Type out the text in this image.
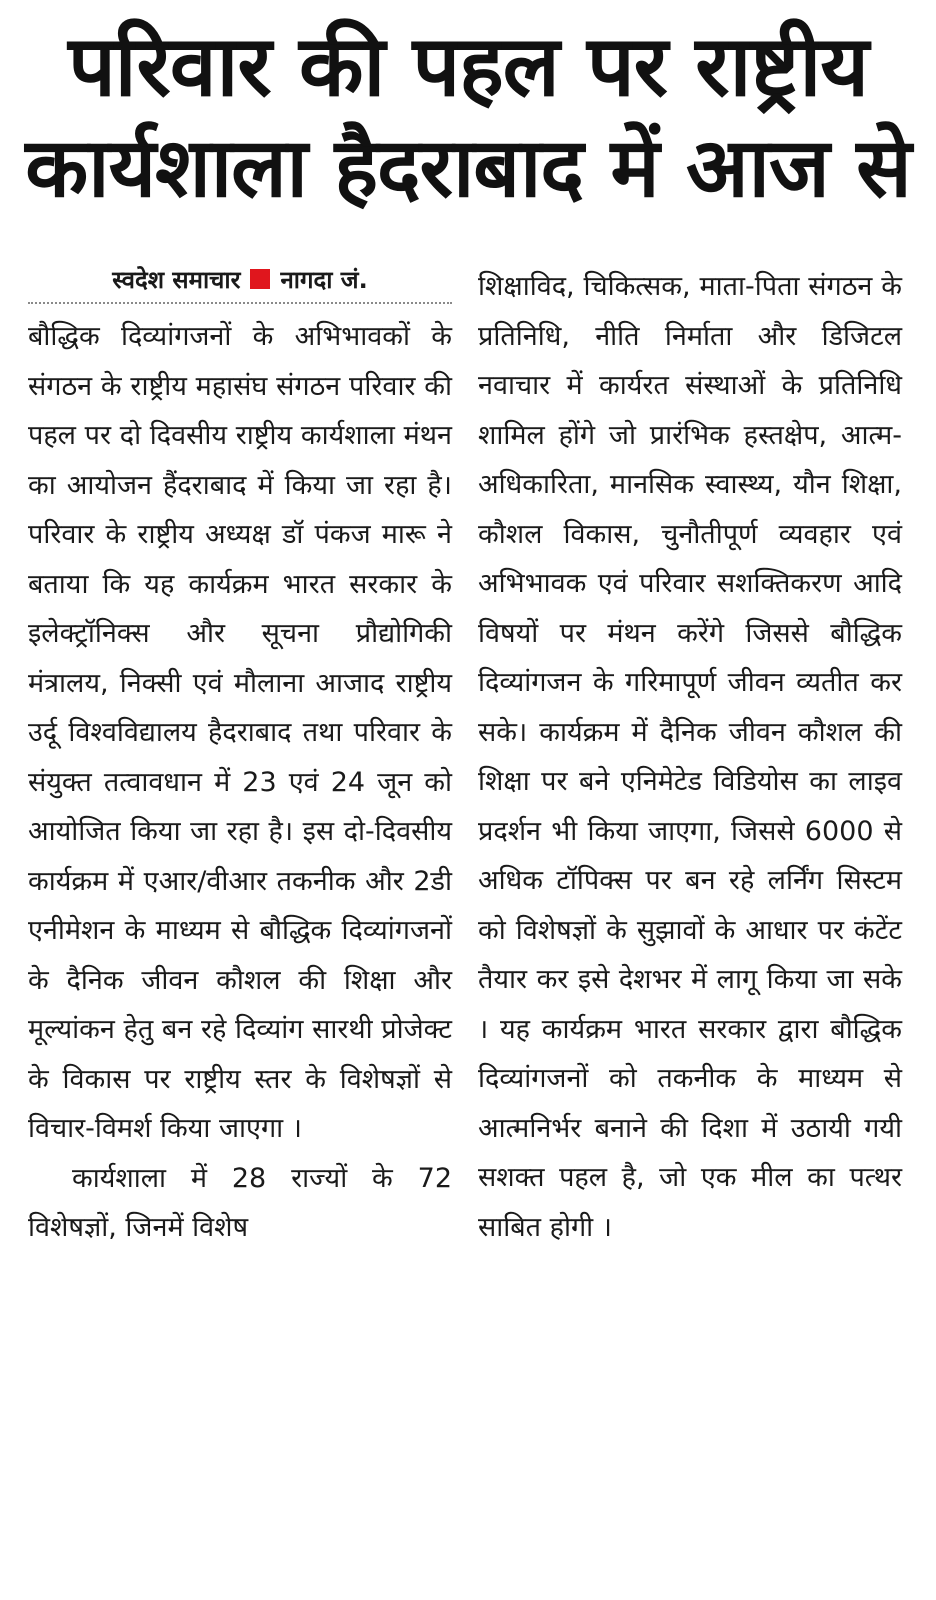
परिवार की पहल पर राष्ट्रीय
कार्यशाला हैदराबाद में आज से
स्वदेश समाचार नागदा जं.

बौद्धिक दिव्यांगजनों के अभिभावकों के संगठन के राष्ट्रीय महासंघ संगठन परिवार की पहल पर दो दिवसीय राष्ट्रीय कार्यशाला मंथन का आयोजन हैंदराबाद में किया जा रहा है। परिवार के राष्ट्रीय अध्यक्ष डॉ पंकज मारू ने बताया कि यह कार्यक्रम भारत सरकार के इलेक्ट्रॉनिक्स और सूचना प्रौद्योगिकी मंत्रालय, निक्सी एवं मौलाना आजाद राष्ट्रीय उर्दू विश्वविद्यालय हैदराबाद तथा परिवार के संयुक्त तत्वावधान में 23 एवं 24 जून को आयोजित किया जा रहा है। इस दो-दिवसीय कार्यक्रम में एआर/वीआर तकनीक और 2डी एनीमेशन के माध्यम से बौद्धिक दिव्यांगजनों के दैनिक जीवन कौशल की शिक्षा और मूल्यांकन हेतु बन रहे दिव्यांग सारथी प्रोजेक्ट के विकास पर राष्ट्रीय स्तर के विशेषज्ञों से विचार-विमर्श किया जाएगा ।

कार्यशाला में 28 राज्यों के 72 विशेषज्ञों, जिनमें विशेष

शिक्षाविद, चिकित्सक, माता-पिता संगठन के प्रतिनिधि, नीति निर्माता और डिजिटल नवाचार में कार्यरत संस्थाओं के प्रतिनिधि शामिल होंगे जो प्रारंभिक हस्तक्षेप, आत्म-अधिकारिता, मानसिक स्वास्थ्य, यौन शिक्षा, कौशल विकास, चुनौतीपूर्ण व्यवहार एवं अभिभावक एवं परिवार सशक्तिकरण आदि विषयों पर मंथन करेंगे जिससे बौद्धिक दिव्यांगजन के गरिमापूर्ण जीवन व्यतीत कर सके। कार्यक्रम में दैनिक जीवन कौशल की शिक्षा पर बने एनिमेटेड विडियोस का लाइव प्रदर्शन भी किया जाएगा, जिससे 6000 से अधिक टॉपिक्स पर बन रहे लर्निंग सिस्टम को विशेषज्ञों के सुझावों के आधार पर कंटेंट तैयार कर इसे देशभर में लागू किया जा सके । यह कार्यक्रम भारत सरकार द्वारा बौद्धिक दिव्यांगजनों को तकनीक के माध्यम से आत्मनिर्भर बनाने की दिशा में उठायी गयी सशक्त पहल है, जो एक मील का पत्थर साबित होगी ।
